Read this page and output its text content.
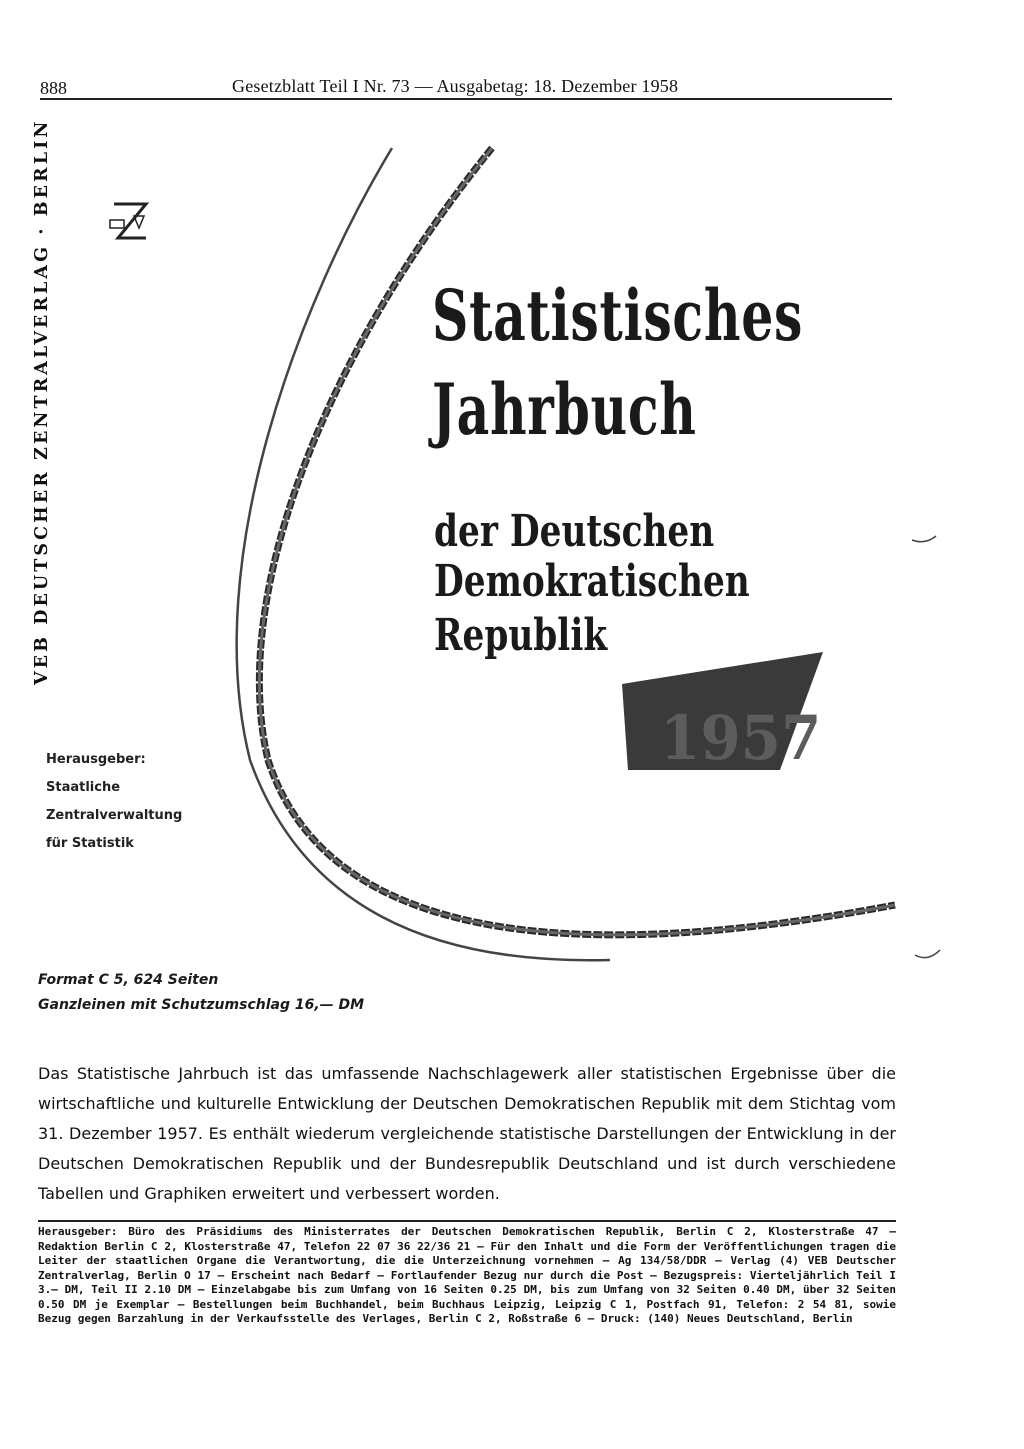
888	Gesetzblatt Teil I Nr. 73 — Ausgabetag: 18. Dezember 1958
VEB DEUTSCHER ZENTRALVERLAG · BERLIN	Statistisches
Jahrbuch
der Deutschen
Demokratischen
Republik
1957
Herausgeber:
Staatliche
Zentralverwaltung
für Statistik
Format C 5, 624 Seiten
Ganzleinen mit Schutzumschlag 16,— DM
Das Statistische Jahrbuch ist das umfassende Nachschlagewerk aller statistischen Ergebnisse über die wirtschaftliche und kulturelle Entwicklung der Deutschen Demokratischen Republik mit dem Stichtag vom 31. Dezember 1957. Es enthält wiederum vergleichende statistische Darstellungen der Entwicklung in der Deutschen Demokratischen Republik und der Bundesrepublik Deutschland und ist durch verschiedene Tabellen und Graphiken erweitert und verbessert worden.
Herausgeber: Büro des Präsidiums des Ministerrates der Deutschen Demokratischen Republik, Berlin C 2, Klosterstraße 47 — Redaktion Berlin C 2, Klosterstraße 47, Telefon 22 07 36 22/36 21 — Für den Inhalt und die Form der Veröffentlichungen tragen die Leiter der staatlichen Organe die Verantwortung, die die Unterzeichnung vornehmen — Ag 134/58/DDR — Verlag (4) VEB Deutscher Zentralverlag, Berlin O 17 — Erscheint nach Bedarf — Fortlaufender Bezug nur durch die Post — Bezugspreis: Vierteljährlich Teil I 3.— DM, Teil II 2.10 DM — Einzelabgabe bis zum Umfang von 16 Seiten 0.25 DM, bis zum Umfang von 32 Seiten 0.40 DM, über 32 Seiten 0.50 DM je Exemplar — Bestellungen beim Buchhandel, beim Buchhaus Leipzig, Leipzig C 1, Postfach 91, Telefon: 2 54 81, sowie Bezug gegen Barzahlung in der Verkaufsstelle des Verlages, Berlin C 2, Roßstraße 6 — Druck: (140) Neues Deutschland, Berlin
